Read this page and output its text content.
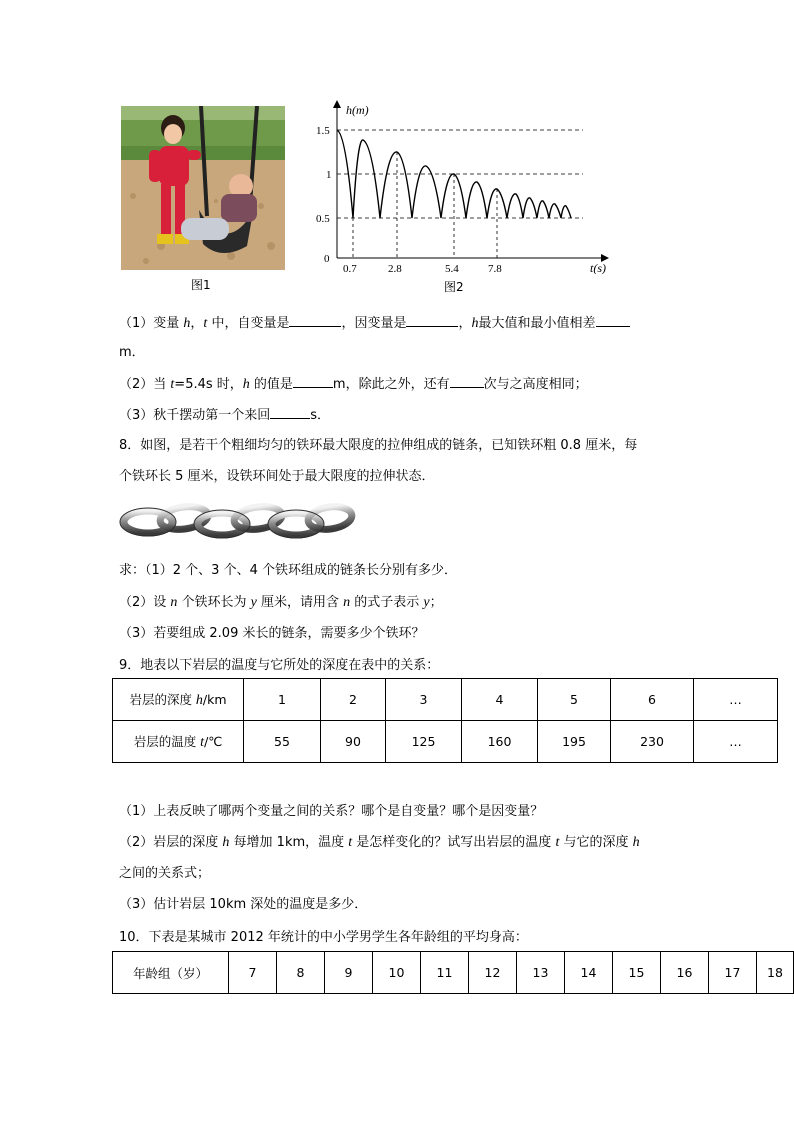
图1
h(m)
t(s)
0
1.5
1
0.5
0.7	2.8	5.4	7.8
图2
（1）变量 h，t 中，自变量是	，因变量是	，h最大值和最小值相差
m．
（2）当 t=5.4s 时，h 的值是	m，除此之外，还有	次与之高度相同；
（3）秋千摆动第一个来回	s．
8．如图，是若干个粗细均匀的铁环最大限度的拉伸组成的链条，已知铁环粗 0.8 厘米，每
个铁环长 5 厘米，设铁环间处于最大限度的拉伸状态．
求：（1）2 个、3 个、4 个铁环组成的链条长分别有多少．
（2）设 n 个铁环长为 y 厘米，请用含 n 的式子表示 y；
（3）若要组成 2.09 米长的链条，需要多少个铁环？
9．地表以下岩层的温度与它所处的深度在表中的关系：
岩层的深度 h/km	1	2	3	4	5	6	…
岩层的温度 t/℃	55	90	125	160	195	230	…
（1）上表反映了哪两个变量之间的关系？哪个是自变量？哪个是因变量？
（2）岩层的深度 h 每增加 1km，温度 t 是怎样变化的？试写出岩层的温度 t 与它的深度 h
之间的关系式；
（3）估计岩层 10km 深处的温度是多少．
10．下表是某城市 2012 年统计的中小学男学生各年龄组的平均身高：
年龄组（岁）	7	8	9	10	11	12	13	14	15	16	17	18
